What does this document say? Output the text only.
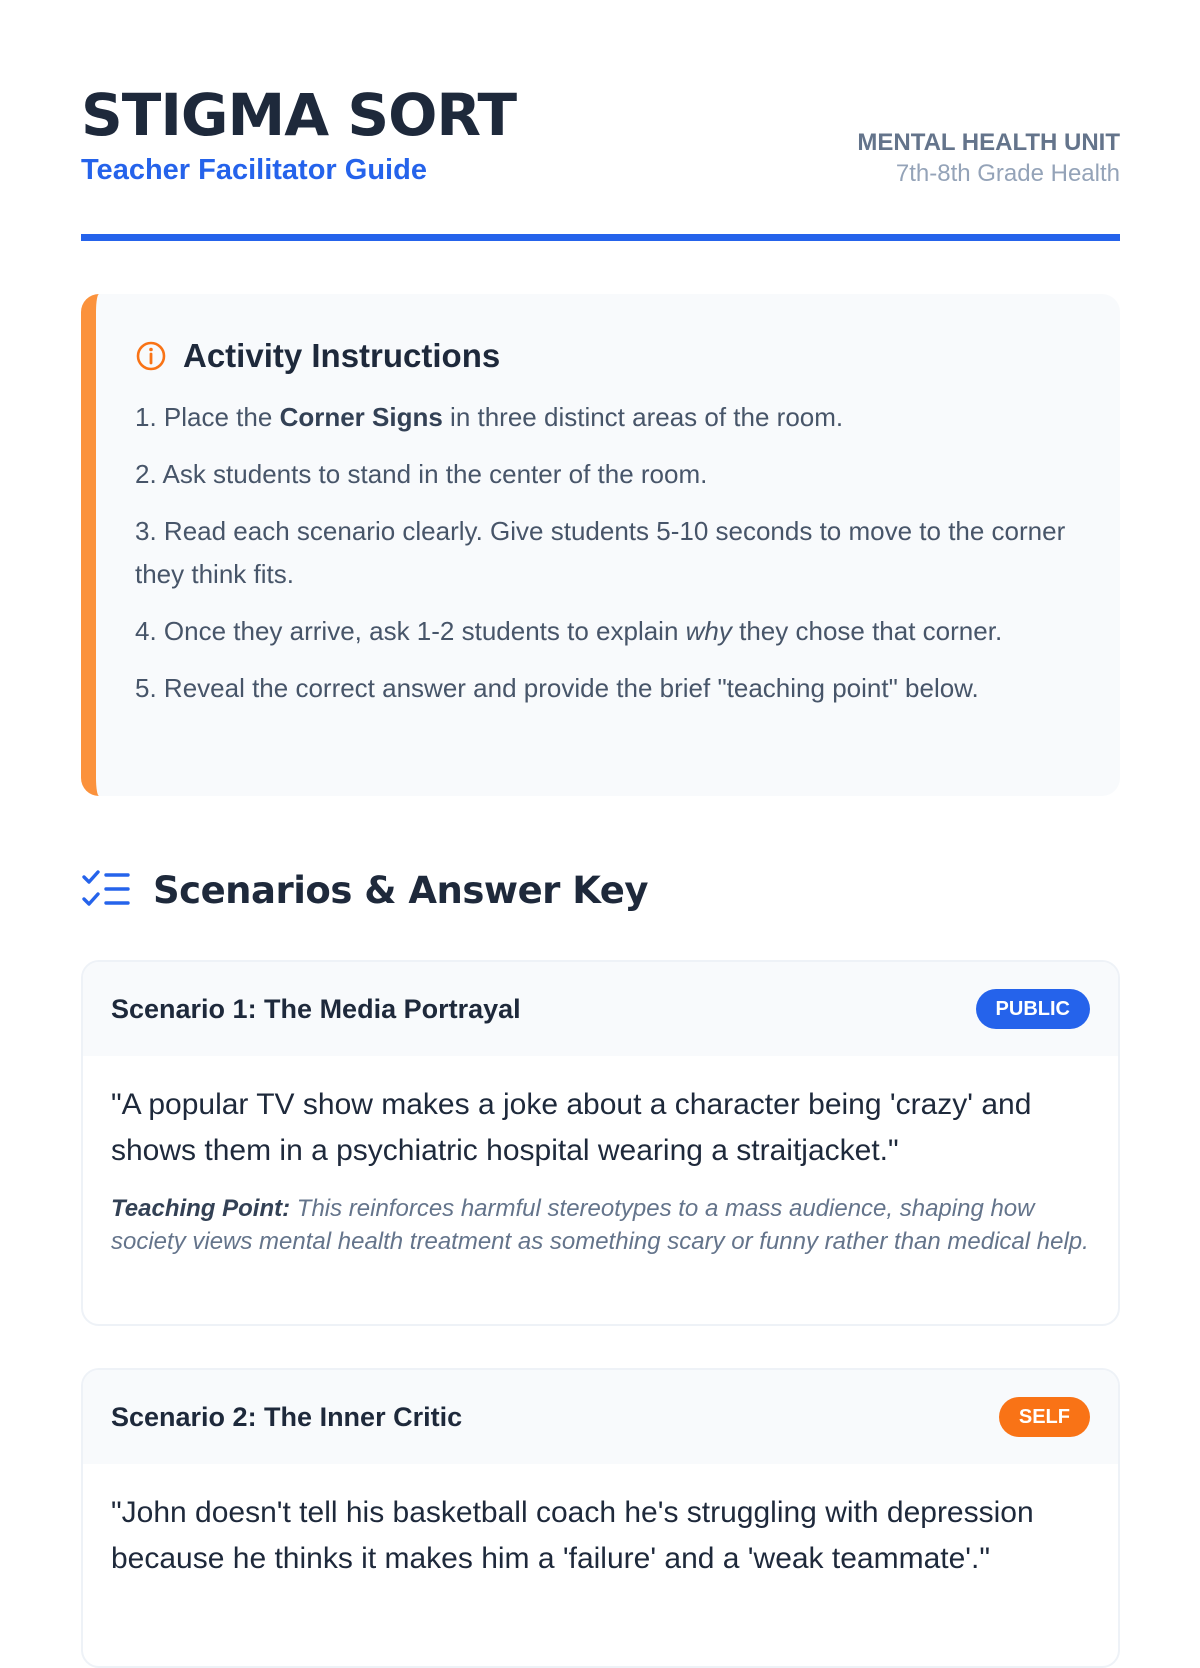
STIGMA SORT
Teacher Facilitator Guide
MENTAL HEALTH UNIT
7th-8th Grade Health
Activity Instructions
1. Place the Corner Signs in three distinct areas of the room.
2. Ask students to stand in the center of the room.
3. Read each scenario clearly. Give students 5-10 seconds to move to the corner they think fits.
4. Once they arrive, ask 1-2 students to explain why they chose that corner.
5. Reveal the correct answer and provide the brief "teaching point" below.
Scenarios & Answer Key
Scenario 1: The Media Portrayal	PUBLIC

"A popular TV show makes a joke about a character being 'crazy' and shows them in a psychiatric hospital wearing a straitjacket."

Teaching Point: This reinforces harmful stereotypes to a mass audience, shaping how society views mental health treatment as something scary or funny rather than medical help.

Scenario 2: The Inner Critic	SELF

"John doesn't tell his basketball coach he's struggling with depression because he thinks it makes him a 'failure' and a 'weak teammate'."
